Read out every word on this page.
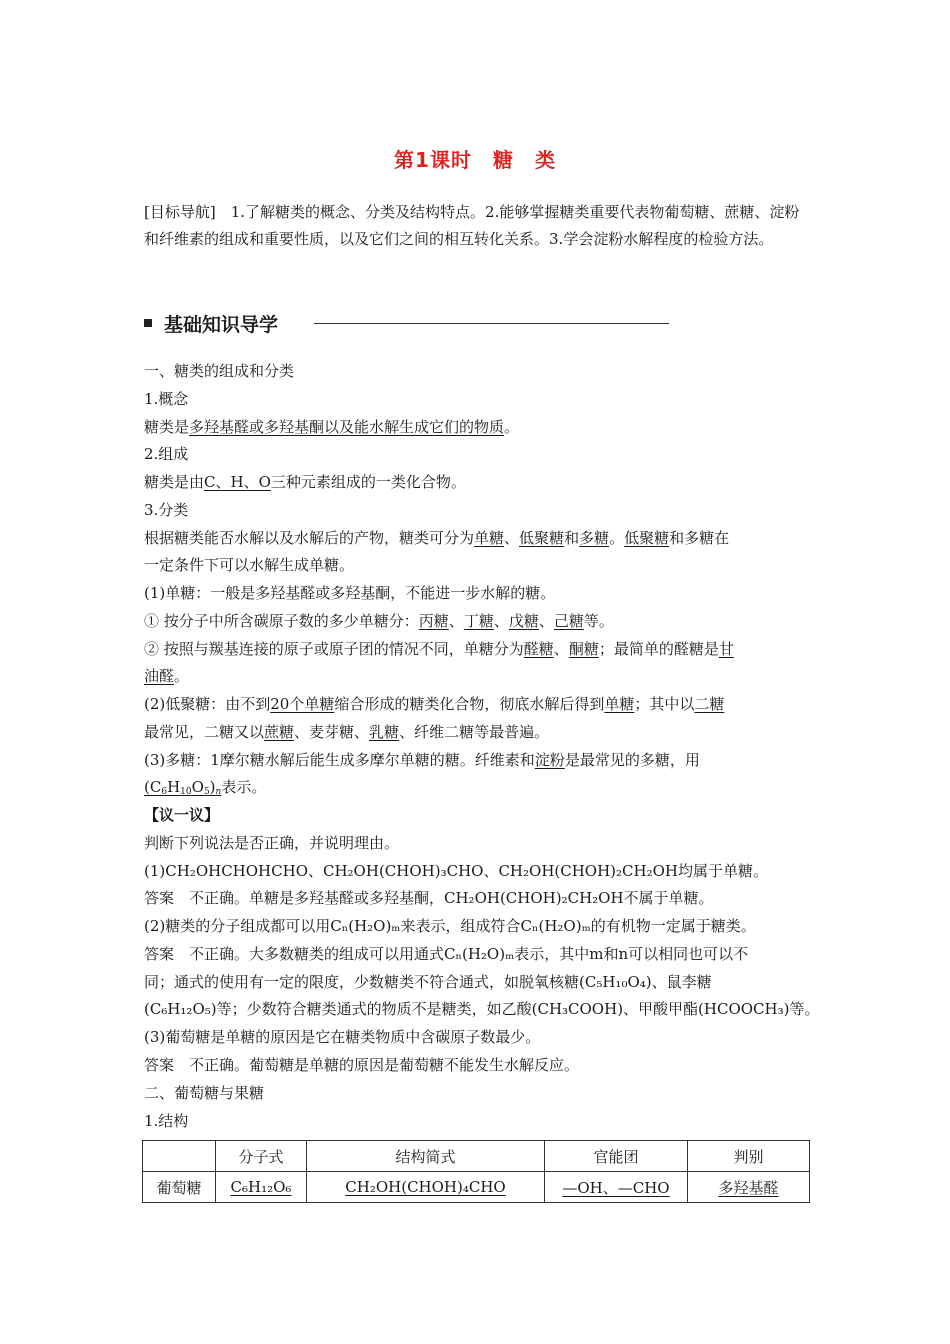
第1课时　糖　类
[目标导航]　1.了解糖类的概念、分类及结构特点。2.能够掌握糖类重要代表物葡萄糖、蔗糖、淀粉和纤维素的组成和重要性质，以及它们之间的相互转化关系。3.学会淀粉水解程度的检验方法。
基础知识导学
一、糖类的组成和分类
1.概念
糖类是多羟基醛或多羟基酮以及能水解生成它们的物质。
2.组成
糖类是由C、H、O三种元素组成的一类化合物。
3.分类
根据糖类能否水解以及水解后的产物，糖类可分为单糖、低聚糖和多糖。低聚糖和多糖在
一定条件下可以水解生成单糖。
(1)单糖：一般是多羟基醛或多羟基酮，不能进一步水解的糖。
① 按分子中所含碳原子数的多少单糖分：丙糖、丁糖、戊糖、己糖等。
② 按照与羰基连接的原子或原子团的情况不同，单糖分为醛糖、酮糖；最简单的醛糖是甘
油醛。
(2)低聚糖：由不到20个单糖缩合形成的糖类化合物，彻底水解后得到单糖；其中以二糖
最常见，二糖又以蔗糖、麦芽糖、乳糖、纤维二糖等最普遍。
(3)多糖：1摩尔糖水解后能生成多摩尔单糖的糖。纤维素和淀粉是最常见的多糖，用
$(C_6H_{10}O_5)_n$表示。
【议一议】
判断下列说法是否正确，并说明理由。
(1)CH₂OHCHOHCHO、CH₂OH(CHOH)₃CHO、CH₂OH(CHOH)₂CH₂OH均属于单糖。
答案　不正确。单糖是多羟基醛或多羟基酮，CH₂OH(CHOH)₂CH₂OH不属于单糖。
(2)糖类的分子组成都可以用Cₙ(H₂O)ₘ来表示，组成符合Cₙ(H₂O)ₘ的有机物一定属于糖类。
答案　不正确。大多数糖类的组成可以用通式Cₙ(H₂O)ₘ表示，其中m和n可以相同也可以不
同；通式的使用有一定的限度，少数糖类不符合通式，如脱氧核糖(C₅H₁₀O₄)、鼠李糖
(C₆H₁₂O₅)等；少数符合糖类通式的物质不是糖类，如乙酸(CH₃COOH)、甲酸甲酯(HCOOCH₃)等。
(3)葡萄糖是单糖的原因是它在糖类物质中含碳原子数最少。
答案　不正确。葡萄糖是单糖的原因是葡萄糖不能发生水解反应。
二、葡萄糖与果糖
1.结构
	分子式	结构简式	官能团	判别
葡萄糖	C₆H₁₂O₆	CH₂OH(CHOH)₄CHO	—OH、—CHO	多羟基醛
